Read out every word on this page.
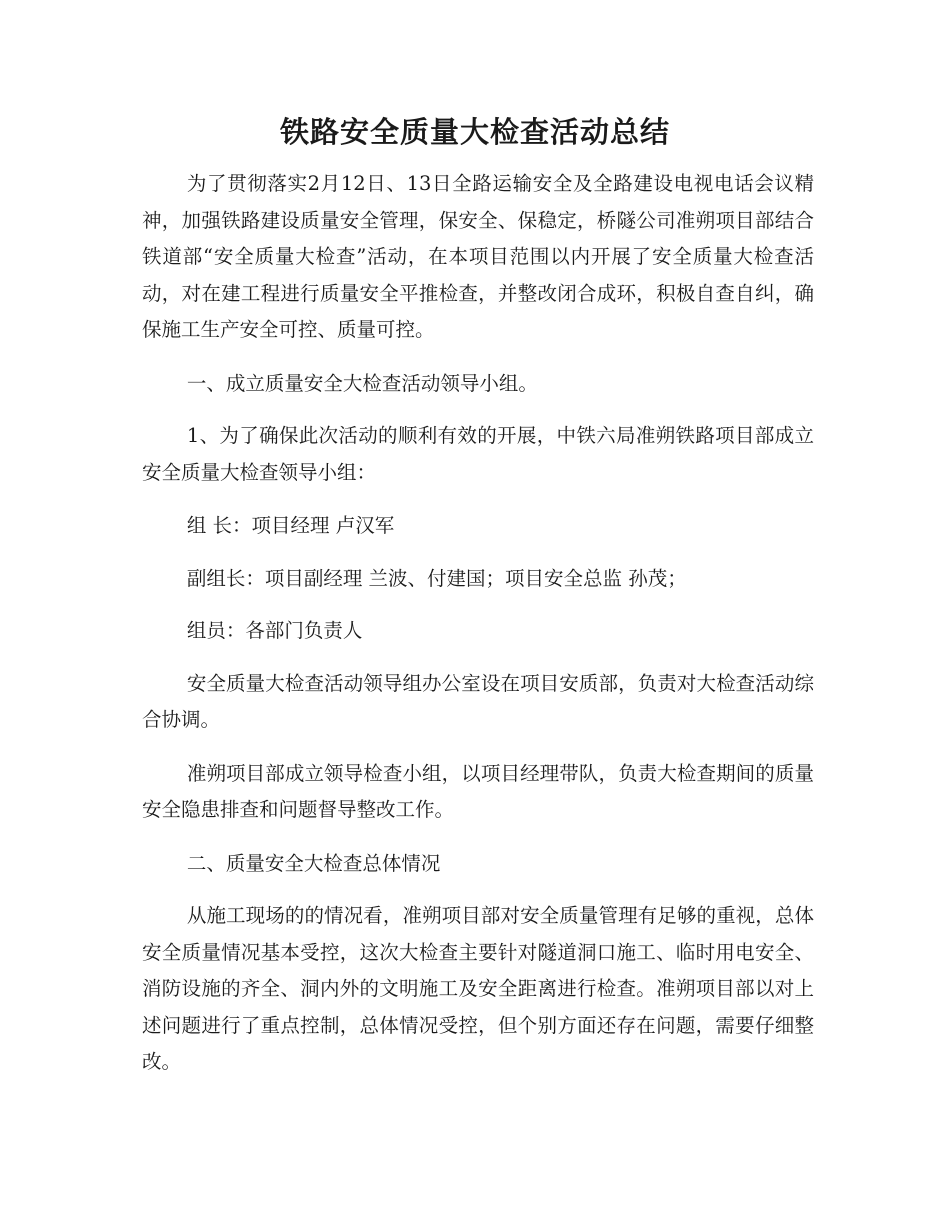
铁路安全质量大检查活动总结

为了贯彻落实2月12日、13日全路运输安全及全路建设电视电话会议精神，加强铁路建设质量安全管理，保安全、保稳定，桥隧公司准朔项目部结合铁道部“安全质量大检查”活动，在本项目范围以内开展了安全质量大检查活动，对在建工程进行质量安全平推检查，并整改闭合成环，积极自查自纠，确保施工生产安全可控、质量可控。

一、成立质量安全大检查活动领导小组。

1、为了确保此次活动的顺利有效的开展，中铁六局准朔铁路项目部成立安全质量大检查领导小组：

组 长：项目经理 卢汉军

副组长：项目副经理 兰波、付建国；项目安全总监 孙茂；

组员：各部门负责人

安全质量大检查活动领导组办公室设在项目安质部，负责对大检查活动综合协调。

准朔项目部成立领导检查小组，以项目经理带队，负责大检查期间的质量安全隐患排查和问题督导整改工作。

二、质量安全大检查总体情况

从施工现场的的情况看，准朔项目部对安全质量管理有足够的重视，总体安全质量情况基本受控，这次大检查主要针对隧道洞口施工、临时用电安全、消防设施的齐全、洞内外的文明施工及安全距离进行检查。准朔项目部以对上述问题进行了重点控制，总体情况受控，但个别方面还存在问题，需要仔细整改。
